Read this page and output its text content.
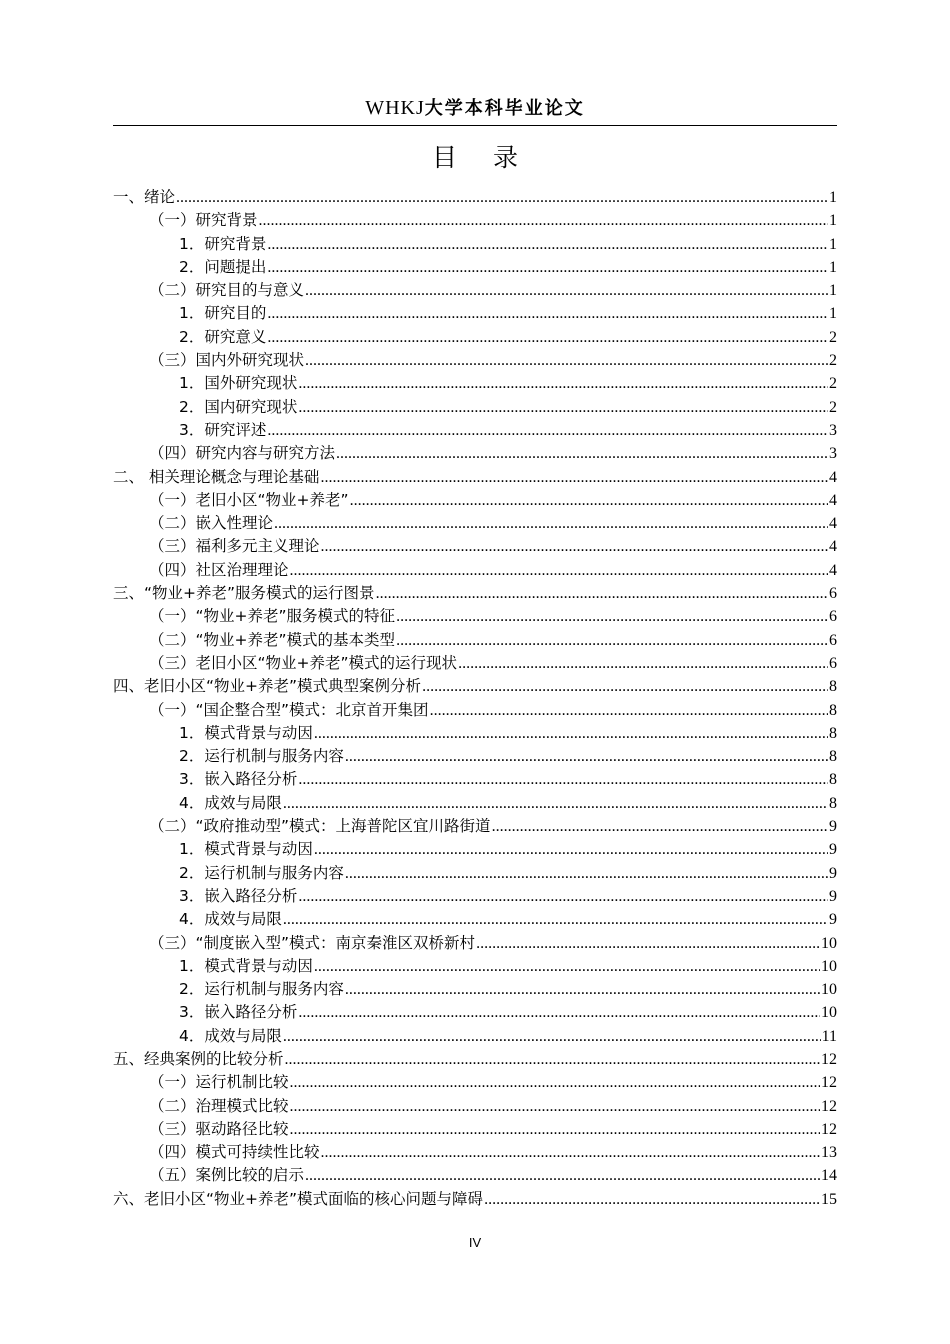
WHKJ大学本科毕业论文
目 录
一、绪论 .....	1
（一）研究背景 .....	1
1．研究背景 .....	1
2．问题提出 .....	1
（二）研究目的与意义 .....	1
1．研究目的 .....	1
2．研究意义 .....	2
（三）国内外研究现状 .....	2
1．国外研究现状 .....	2
2．国内研究现状 .....	2
3．研究评述 .....	3
（四）研究内容与研究方法 .....	3
二、 相关理论概念与理论基础 .....	4
（一）老旧小区“物业+养老” .....	4
（二）嵌入性理论 .....	4
（三）福利多元主义理论 .....	4
（四）社区治理理论 .....	4
三、“物业+养老”服务模式的运行图景 .....	6
（一）“物业+养老”服务模式的特征 .....	6
（二）“物业+养老”模式的基本类型 .....	6
（三）老旧小区“物业+养老”模式的运行现状 .....	6
四、老旧小区“物业+养老”模式典型案例分析 .....	8
（一）“国企整合型”模式：北京首开集团 .....	8
1．模式背景与动因 .....	8
2．运行机制与服务内容 .....	8
3．嵌入路径分析 .....	8
4．成效与局限 .....	8
（二）“政府推动型”模式：上海普陀区宜川路街道 .....	9
1．模式背景与动因 .....	9
2．运行机制与服务内容 .....	9
3．嵌入路径分析 .....	9
4．成效与局限 .....	9
（三）“制度嵌入型”模式：南京秦淮区双桥新村 .....	10
1．模式背景与动因 .....	10
2．运行机制与服务内容 .....	10
3．嵌入路径分析 .....	10
4．成效与局限 .....	11
五、经典案例的比较分析 .....	12
（一）运行机制比较 .....	12
（二）治理模式比较 .....	12
（三）驱动路径比较 .....	12
（四）模式可持续性比较 .....	13
（五）案例比较的启示 .....	14
六、老旧小区“物业+养老”模式面临的核心问题与障碍 .....	15
IV
